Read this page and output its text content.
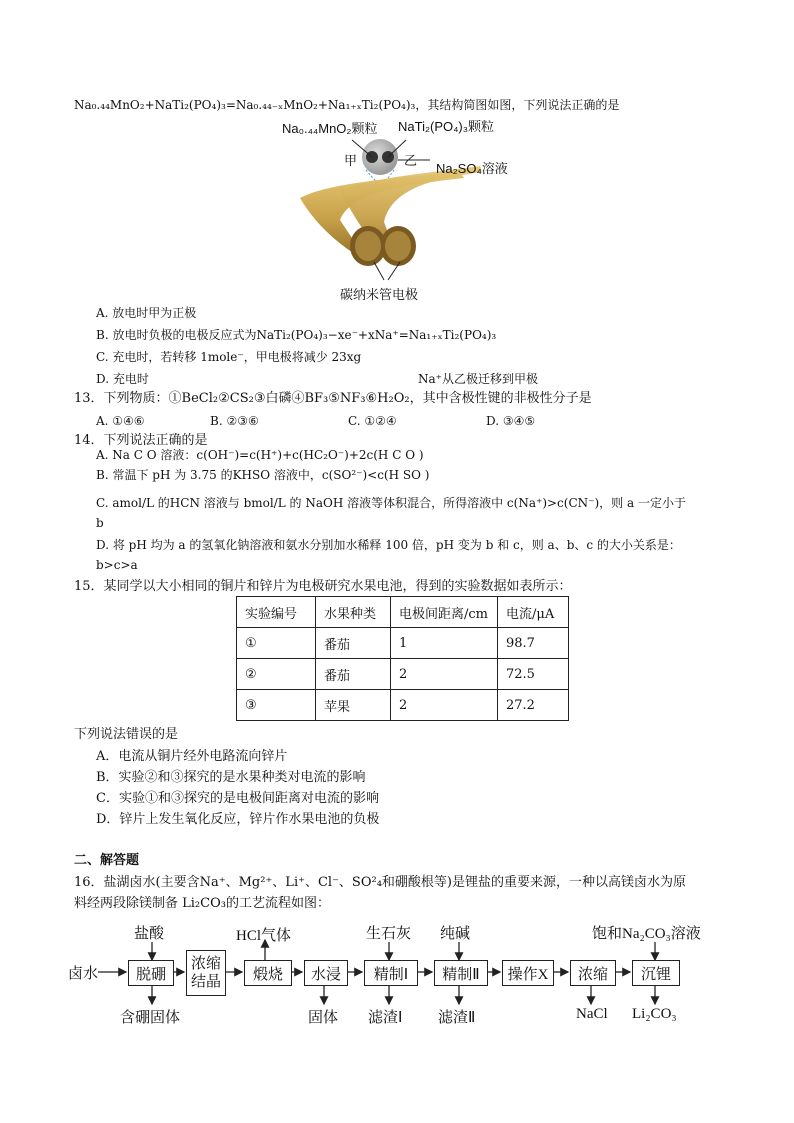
Na₀.₄₄MnO₂+NaTi₂(PO₄)₃=Na₀.₄₄₋ₓMnO₂+Na₁₊ₓTi₂(PO₄)₃，其结构简图如图，下列说法正确的是
Na₀.₄₄MnO₂颗粒 NaTi₂(PO₄)₃颗粒
甲	乙
Na₂SO₄溶液
碳纳米管电极
A. 放电时甲为正极
B. 放电时负极的电极反应式为NaTi₂(PO₄)₃−xe⁻+xNa⁺=Na₁₊ₓTi₂(PO₄)₃
C. 充电时，若转移 1mole⁻，甲电极将减少 23xg
D. 充电时	Na⁺从乙极迁移到甲极
13．下列物质：①BeCl₂②CS₂③白磷④BF₃⑤NF₃⑥H₂O₂，其中含极性键的非极性分子是
A. ①④⑥	B. ②③⑥	C. ①②④	D. ③④⑤
14．下列说法正确的是
A. Na C O 溶液：c(OH⁻)=c(H⁺)+c(HC₂O⁻)+2c(H C O )
B. 常温下 pH 为 3.75 的KHSO 溶液中，c(SO²⁻)<c(H SO )
C. amol/L 的HCN 溶液与 bmol/L 的 NaOH 溶液等体积混合，所得溶液中 c(Na⁺)>c(CN⁻)，则 a 一定小于
b
D. 将 pH 均为 a 的氢氧化钠溶液和氨水分别加水稀释 100 倍，pH 变为 b 和 c，则 a、b、c 的大小关系是：
b>c>a
15．某同学以大小相同的铜片和锌片为电极研究水果电池，得到的实验数据如表所示：
实验编号	水果种类	电极间距离/cm	电流/μA
①	番茄	1	98.7
②	番茄	2	72.5
③	苹果	2	27.2
下列说法错误的是
A．电流从铜片经外电路流向锌片
B．实验②和③探究的是水果种类对电流的影响
C．实验①和③探究的是电极间距离对电流的影响
D．锌片上发生氧化反应，锌片作水果电池的负极
二、解答题
16．盐湖卤水(主要含Na⁺、Mg²⁺、Li⁺、Cl⁻、SO²₄和硼酸根等)是锂盐的重要来源，一种以高镁卤水为原
料经两段除镁制备 Li₂CO₃的工艺流程如图：
卤水	脱硼
浓缩结晶	煅烧	水浸	精制Ⅰ	精制Ⅱ	操作X	浓缩	沉锂
盐酸	HCl气体	生石灰 纯碱	饱和Na₂CO₃溶液
含硼固体	固体 滤渣Ⅰ 滤渣Ⅱ	NaCl Li₂CO₃
